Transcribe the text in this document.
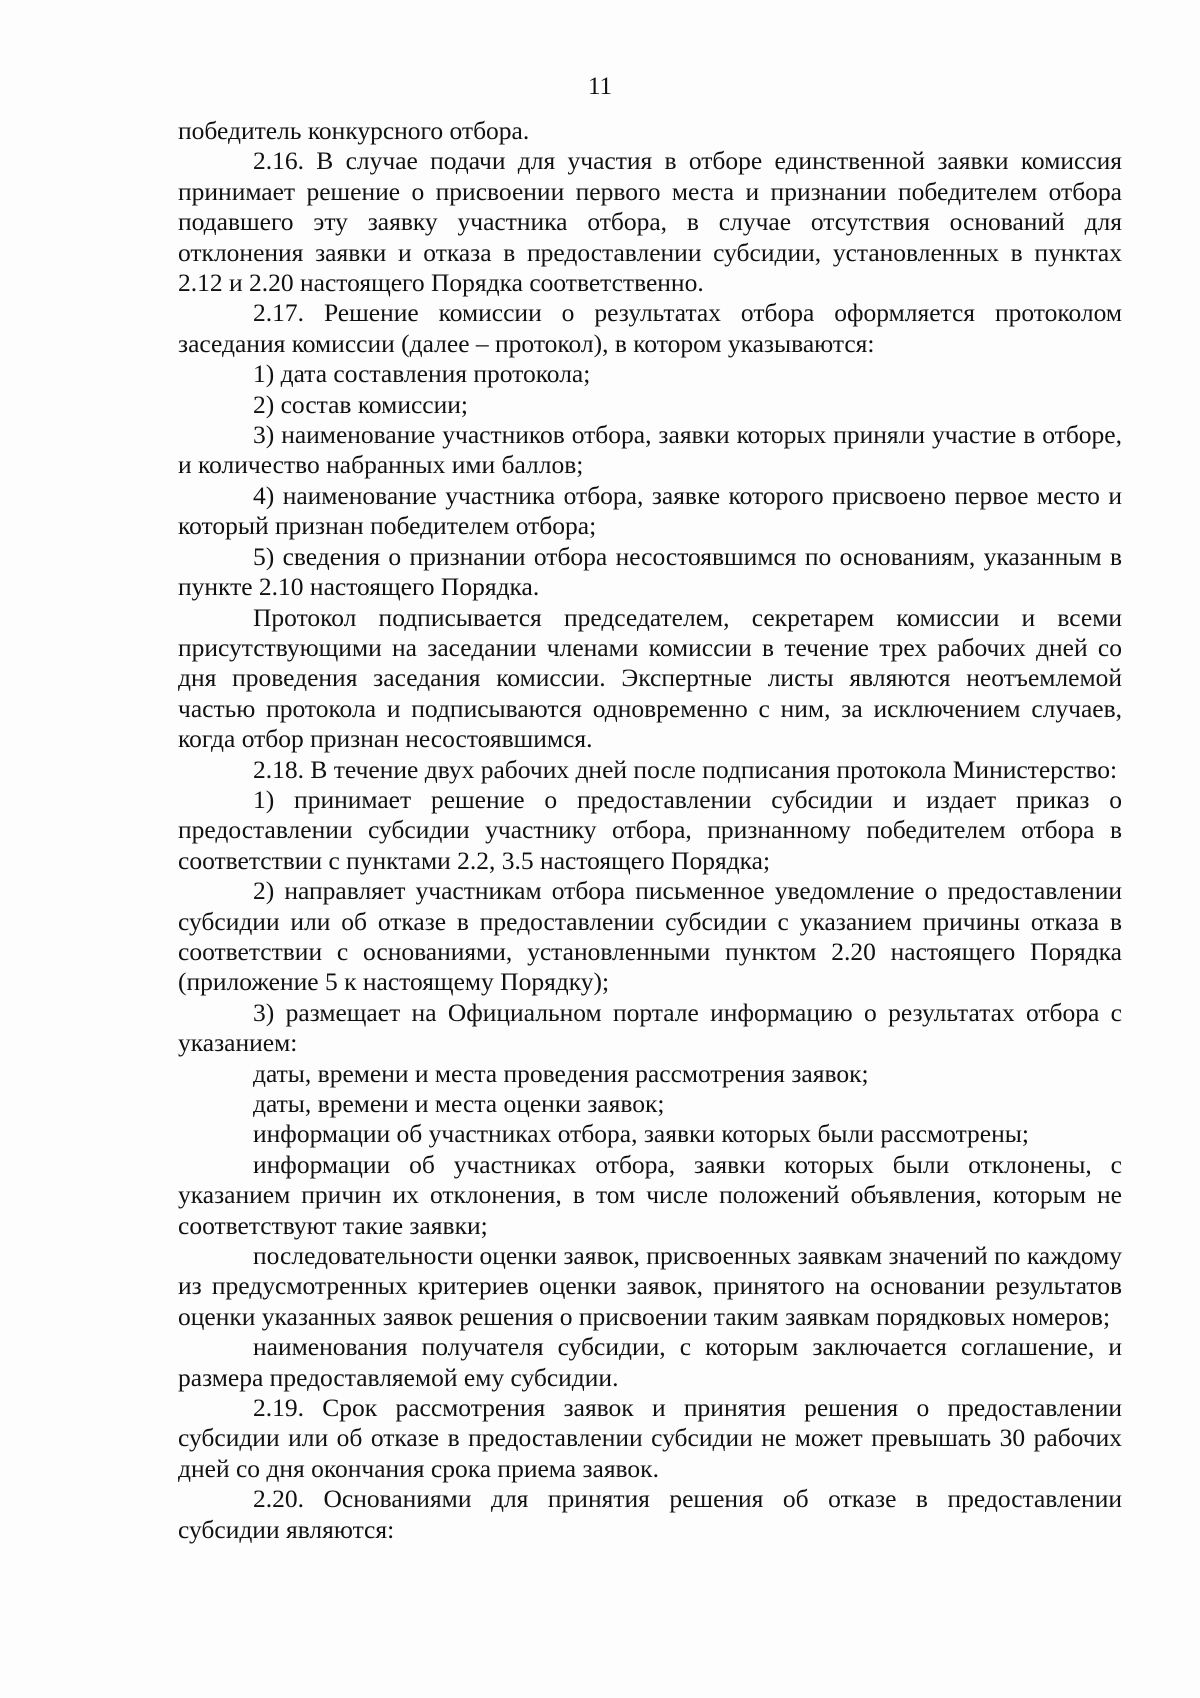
11

победитель конкурсного отбора.

2.16. В случае подачи для участия в отборе единственной заявки комиссия принимает решение о присвоении первого места и признании победителем отбора подавшего эту заявку участника отбора, в случае отсутствия оснований для отклонения заявки и отказа в предоставлении субсидии, установленных в пунктах 2.12 и 2.20 настоящего Порядка соответственно.

2.17. Решение комиссии о результатах отбора оформляется протоколом заседания комиссии (далее – протокол), в котором указываются:

1) дата составления протокола;

2) состав комиссии;

3) наименование участников отбора, заявки которых приняли участие в отборе, и количество набранных ими баллов;

4) наименование участника отбора, заявке которого присвоено первое место и который признан победителем отбора;

5) сведения о признании отбора несостоявшимся по основаниям, указанным в пункте 2.10 настоящего Порядка.

Протокол подписывается председателем, секретарем комиссии и всеми присутствующими на заседании членами комиссии в течение трех рабочих дней со дня проведения заседания комиссии. Экспертные листы являются неотъемлемой частью протокола и подписываются одновременно с ним, за исключением случаев, когда отбор признан несостоявшимся.

2.18. В течение двух рабочих дней после подписания протокола Министерство:

1) принимает решение о предоставлении субсидии и издает приказ о предоставлении субсидии участнику отбора, признанному победителем отбора в соответствии с пунктами 2.2, 3.5 настоящего Порядка;

2) направляет участникам отбора письменное уведомление о предоставлении субсидии или об отказе в предоставлении субсидии с указанием причины отказа в соответствии с основаниями, установленными пунктом 2.20 настоящего Порядка (приложение 5 к настоящему Порядку);

3) размещает на Официальном портале информацию о результатах отбора с указанием:

даты, времени и места проведения рассмотрения заявок;

даты, времени и места оценки заявок;

информации об участниках отбора, заявки которых были рассмотрены;

информации об участниках отбора, заявки которых были отклонены, с указанием причин их отклонения, в том числе положений объявления, которым не соответствуют такие заявки;

последовательности оценки заявок, присвоенных заявкам значений по каждому из предусмотренных критериев оценки заявок, принятого на основании результатов оценки указанных заявок решения о присвоении таким заявкам порядковых номеров;

наименования получателя субсидии, с которым заключается соглашение, и размера предоставляемой ему субсидии.

2.19. Срок рассмотрения заявок и принятия решения о предоставлении субсидии или об отказе в предоставлении субсидии не может превышать 30 рабочих дней со дня окончания срока приема заявок.

2.20. Основаниями для принятия решения об отказе в предоставлении субсидии являются:
